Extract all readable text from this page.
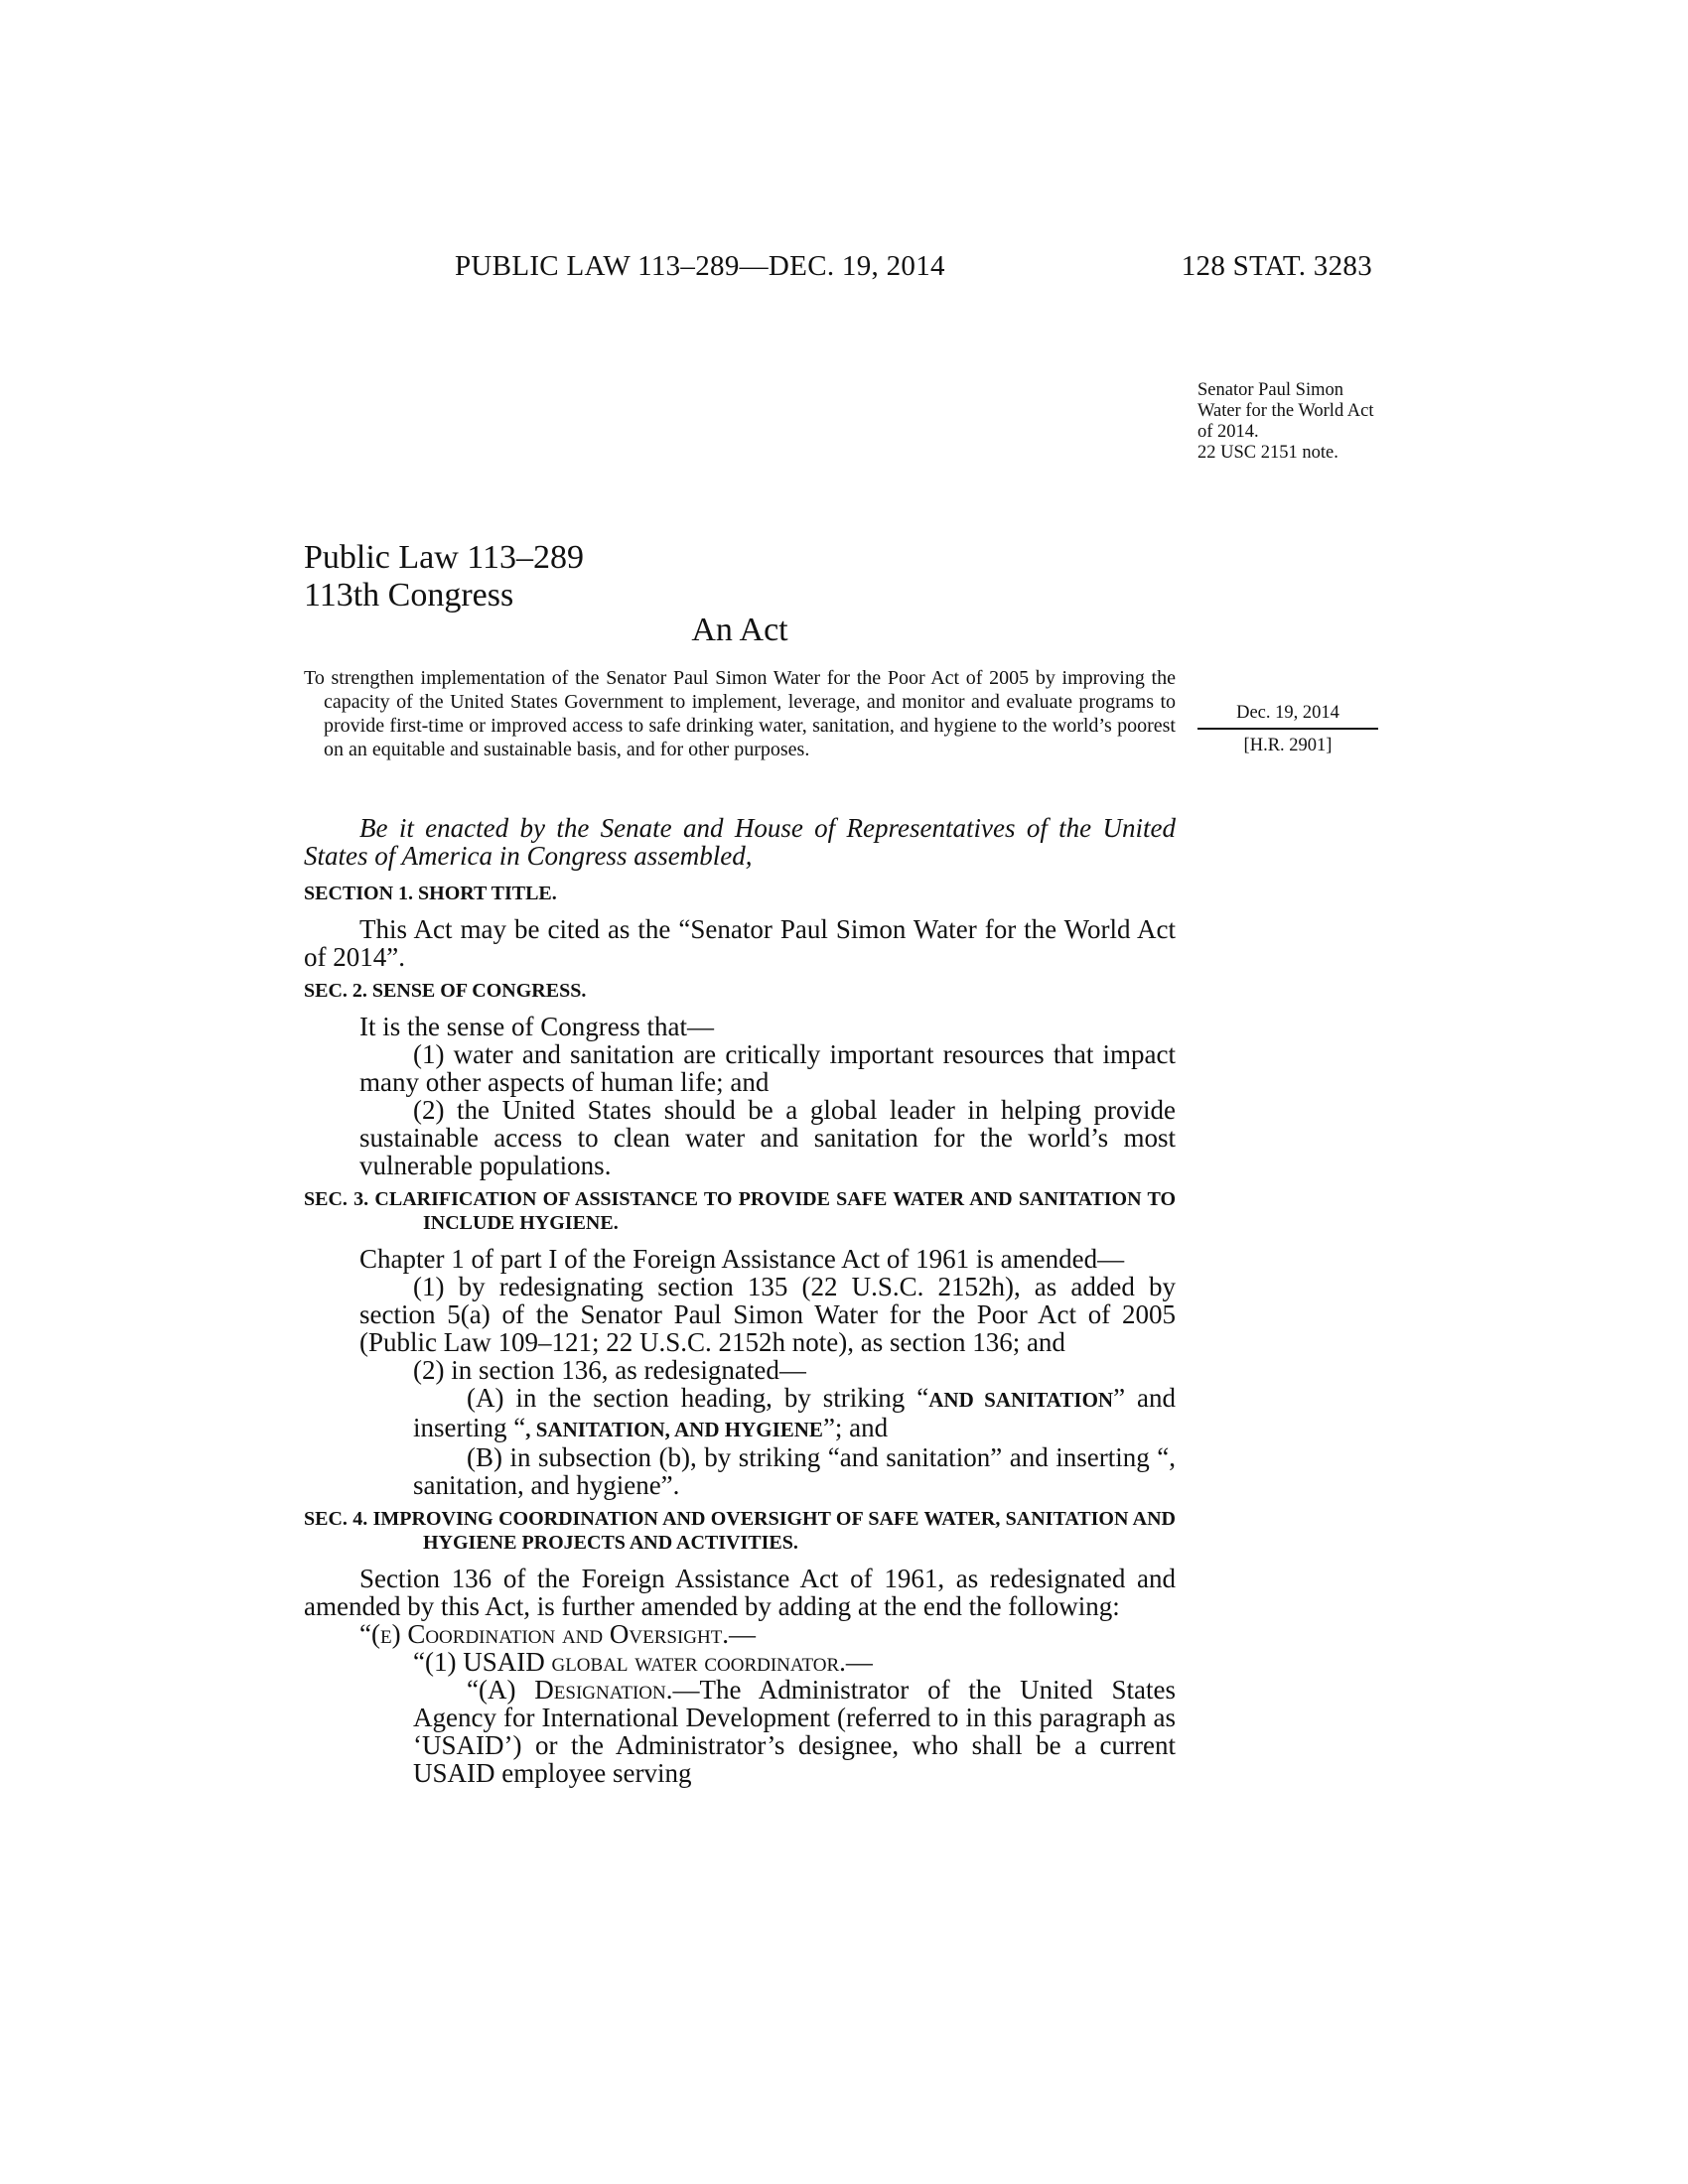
PUBLIC LAW 113–289—DEC. 19, 2014	128 STAT. 3283
Public Law 113–289
113th Congress
An Act
To strengthen implementation of the Senator Paul Simon Water for the Poor Act of 2005 by improving the capacity of the United States Government to implement, leverage, and monitor and evaluate programs to provide first-time or improved access to safe drinking water, sanitation, and hygiene to the world’s poorest on an equitable and sustainable basis, and for other purposes.
Dec. 19, 2014
[H.R. 2901]
Senator Paul Simon Water for the World Act of 2014.
22 USC 2151 note.

Be it enacted by the Senate and House of Representatives of the United States of America in Congress assembled,

SECTION 1. SHORT TITLE.

This Act may be cited as the “Senator Paul Simon Water for the World Act of 2014”.

SEC. 2. SENSE OF CONGRESS.

It is the sense of Congress that—

(1) water and sanitation are critically important resources that impact many other aspects of human life; and

(2) the United States should be a global leader in helping provide sustainable access to clean water and sanitation for the world’s most vulnerable populations.

SEC. 3. CLARIFICATION OF ASSISTANCE TO PROVIDE SAFE WATER AND SANITATION TO INCLUDE HYGIENE.

Chapter 1 of part I of the Foreign Assistance Act of 1961 is amended—

(1) by redesignating section 135 (22 U.S.C. 2152h), as added by section 5(a) of the Senator Paul Simon Water for the Poor Act of 2005 (Public Law 109–121; 22 U.S.C. 2152h note), as section 136; and

(2) in section 136, as redesignated—

(A) in the section heading, by striking “AND SANITATION” and inserting “, SANITATION, AND HYGIENE”; and

(B) in subsection (b), by striking “and sanitation” and inserting “, sanitation, and hygiene”.

SEC. 4. IMPROVING COORDINATION AND OVERSIGHT OF SAFE WATER, SANITATION AND HYGIENE PROJECTS AND ACTIVITIES.

Section 136 of the Foreign Assistance Act of 1961, as redesignated and amended by this Act, is further amended by adding at the end the following:

“(e) Coordination and Oversight.—

“(1) USAID global water coordinator.—

“(A) Designation.—The Administrator of the United States Agency for International Development (referred to in this paragraph as ‘USAID’) or the Administrator’s designee, who shall be a current USAID employee serving
